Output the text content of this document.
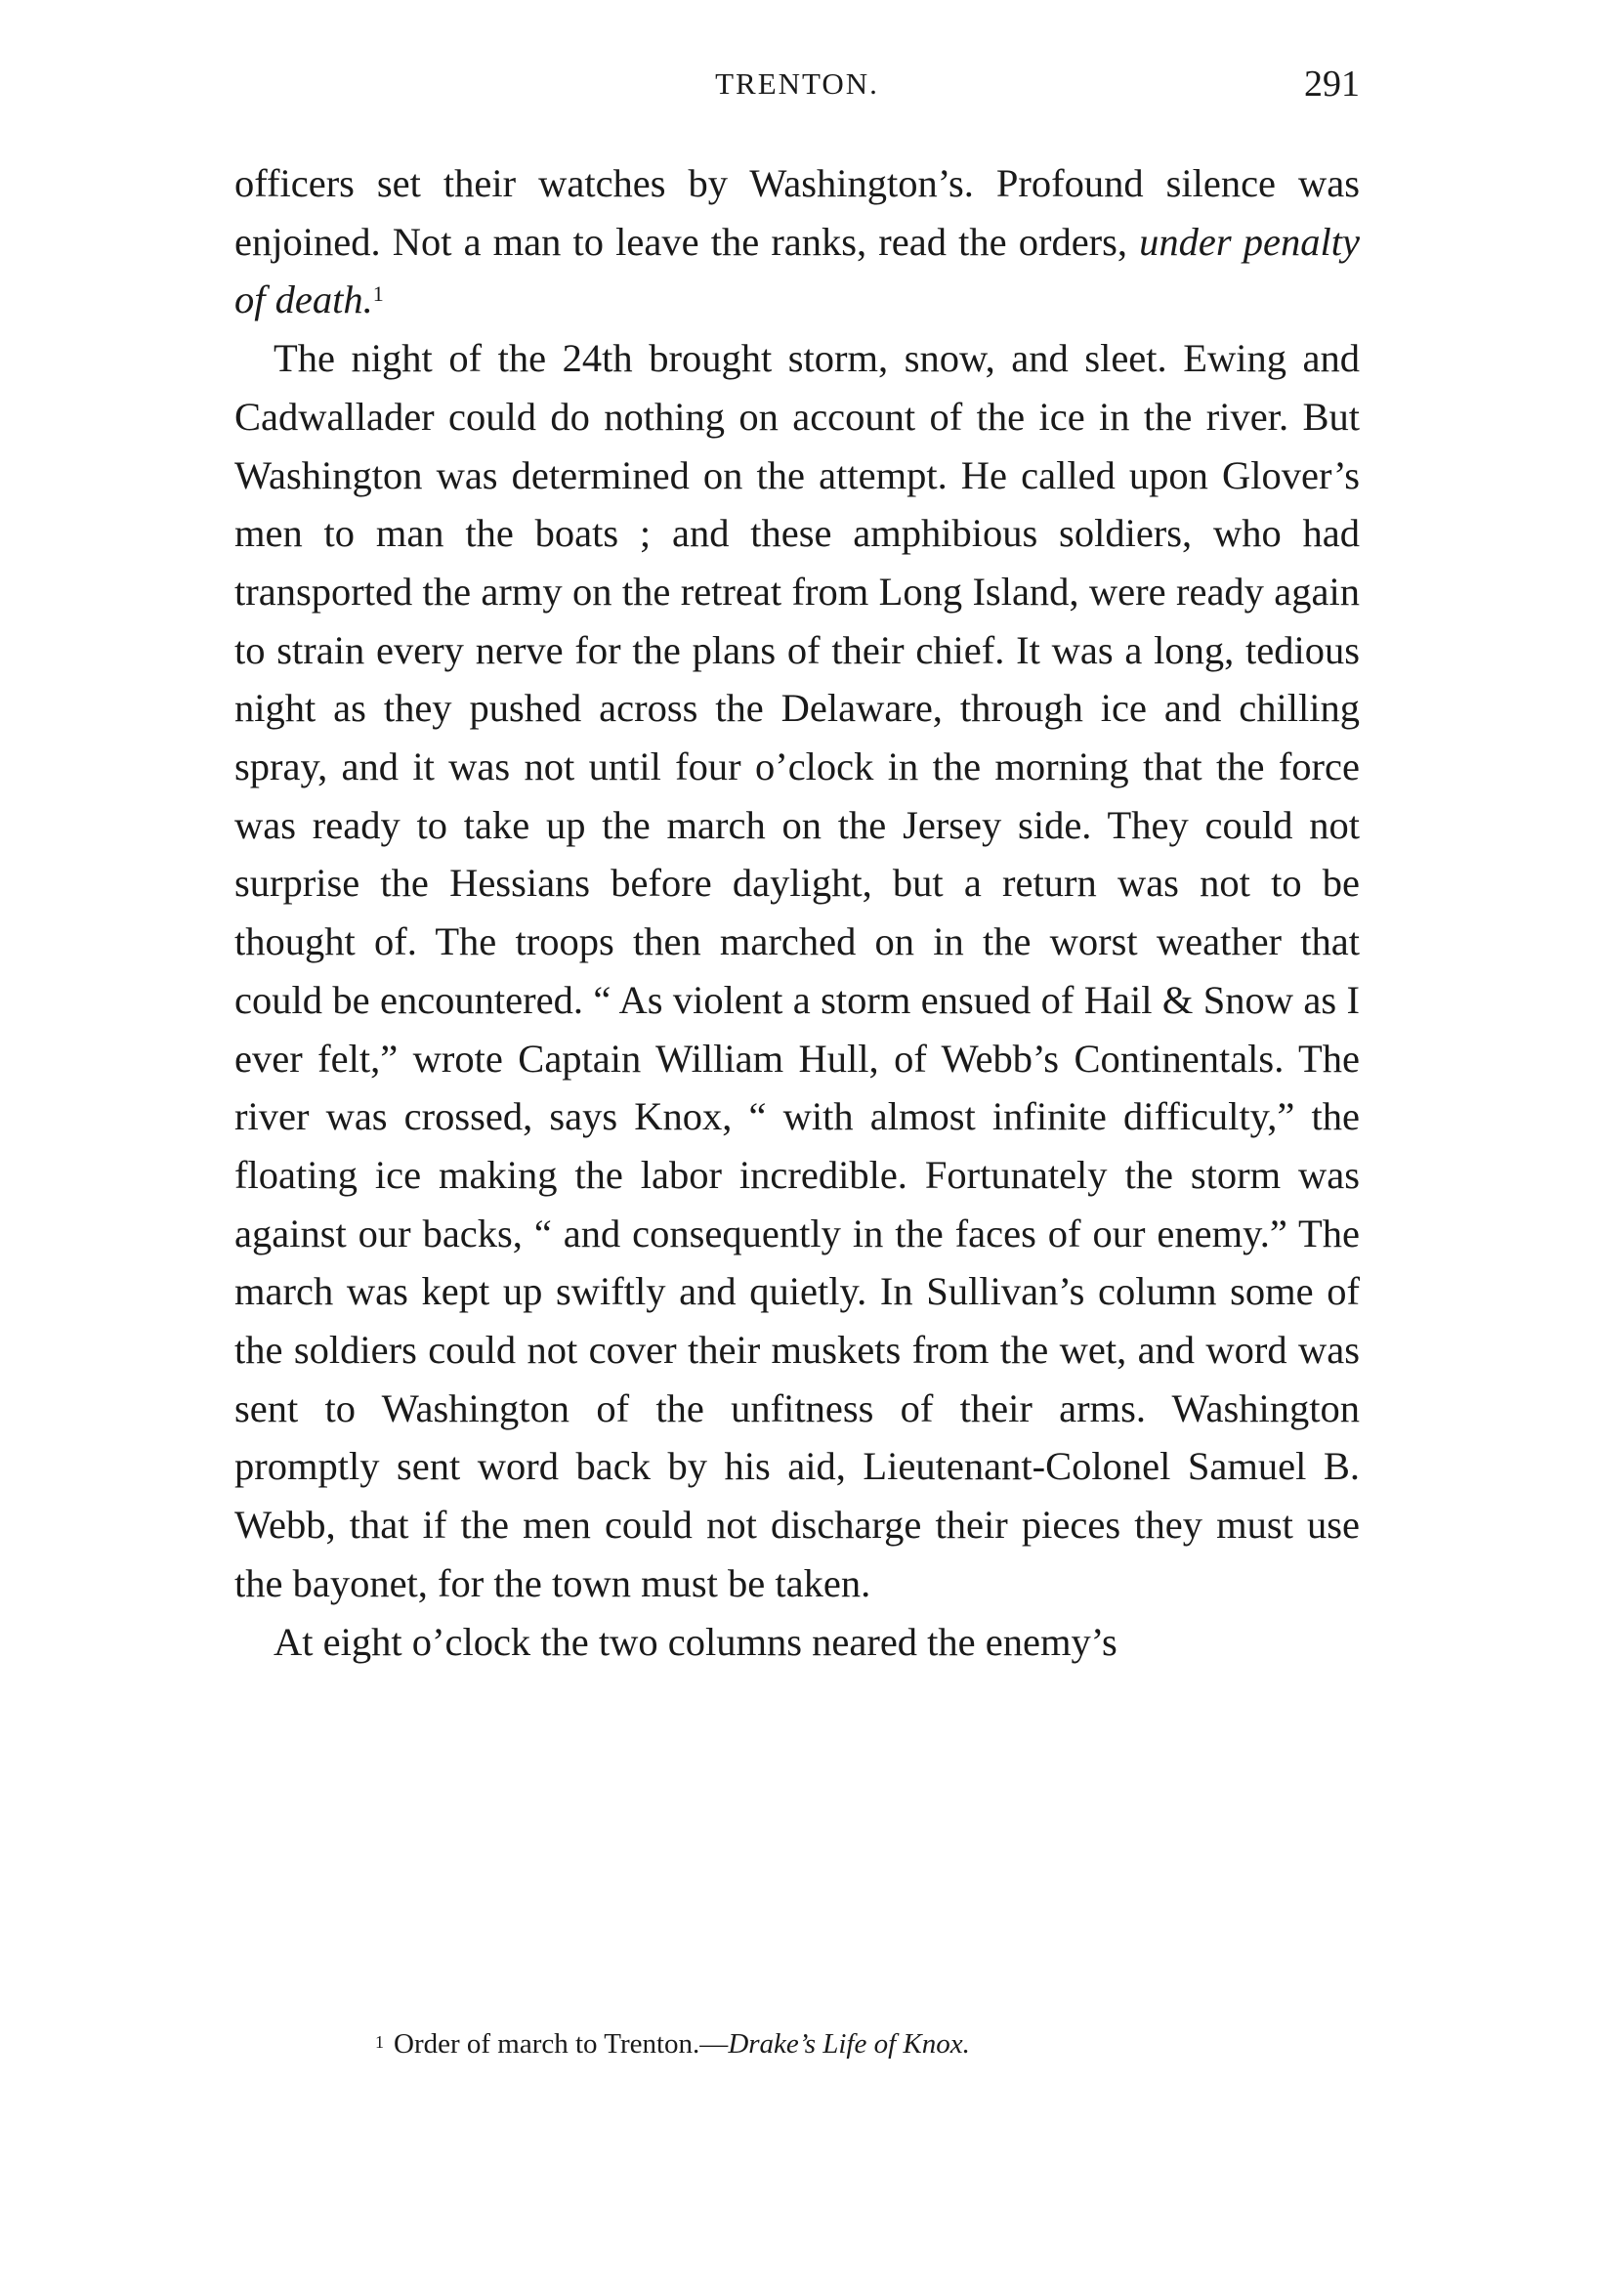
TRENTON.	291

officers set their watches by Washington’s. Profound silence was enjoined. Not a man to leave the ranks, read the orders, under penalty of death.$^1$

The night of the 24th brought storm, snow, and sleet. Ewing and Cadwallader could do nothing on account of the ice in the river. But Washington was determined on the attempt. He called upon Glover’s men to man the boats ; and these amphibious soldiers, who had transported the army on the retreat from Long Island, were ready again to strain every nerve for the plans of their chief. It was a long, tedious night as they pushed across the Delaware, through ice and chilling spray, and it was not until four o’clock in the morning that the force was ready to take up the march on the Jersey side. They could not surprise the Hessians before daylight, but a return was not to be thought of. The troops then marched on in the worst weather that could be encountered. “ As violent a storm ensued of Hail & Snow as I ever felt,” wrote Captain William Hull, of Webb’s Continentals. The river was crossed, says Knox, “ with almost infinite difficulty,” the floating ice making the labor incredible. Fortunately the storm was against our backs, “ and consequently in the faces of our enemy.” The march was kept up swiftly and quietly. In Sullivan’s column some of the soldiers could not cover their muskets from the wet, and word was sent to Washington of the unfitness of their arms. Washington promptly sent word back by his aid, Lieutenant-Colonel Samuel B. Webb, that if the men could not discharge their pieces they must use the bayonet, for the town must be taken.

At eight o’clock the two columns neared the enemy’s

$^1$ Order of march to Trenton.—Drake’s Life of Knox.
